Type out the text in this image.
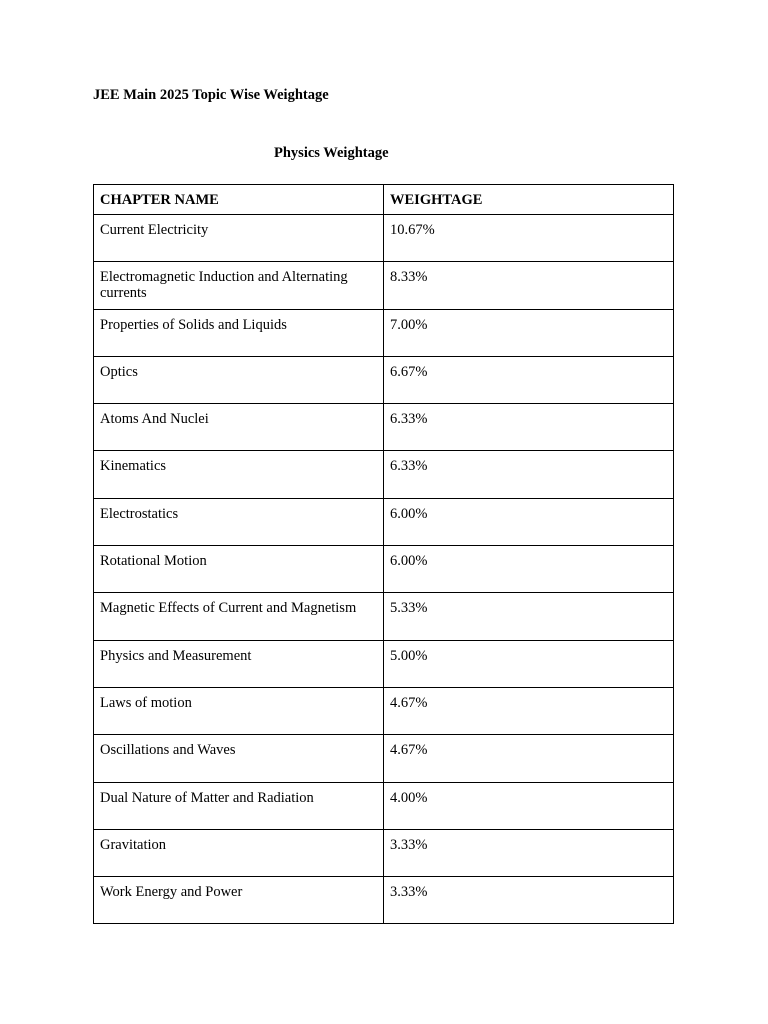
JEE Main 2025 Topic Wise Weightage
Physics Weightage
CHAPTER NAME	WEIGHTAGE
Current Electricity	10.67%
Electromagnetic Induction and Alternating currents	8.33%
Properties of Solids and Liquids	7.00%
Optics	6.67%
Atoms And Nuclei	6.33%
Kinematics	6.33%
Electrostatics	6.00%
Rotational Motion	6.00%
Magnetic Effects of Current and Magnetism	5.33%
Physics and Measurement	5.00%
Laws of motion	4.67%
Oscillations and Waves	4.67%
Dual Nature of Matter and Radiation	4.00%
Gravitation	3.33%
Work Energy and Power	3.33%
